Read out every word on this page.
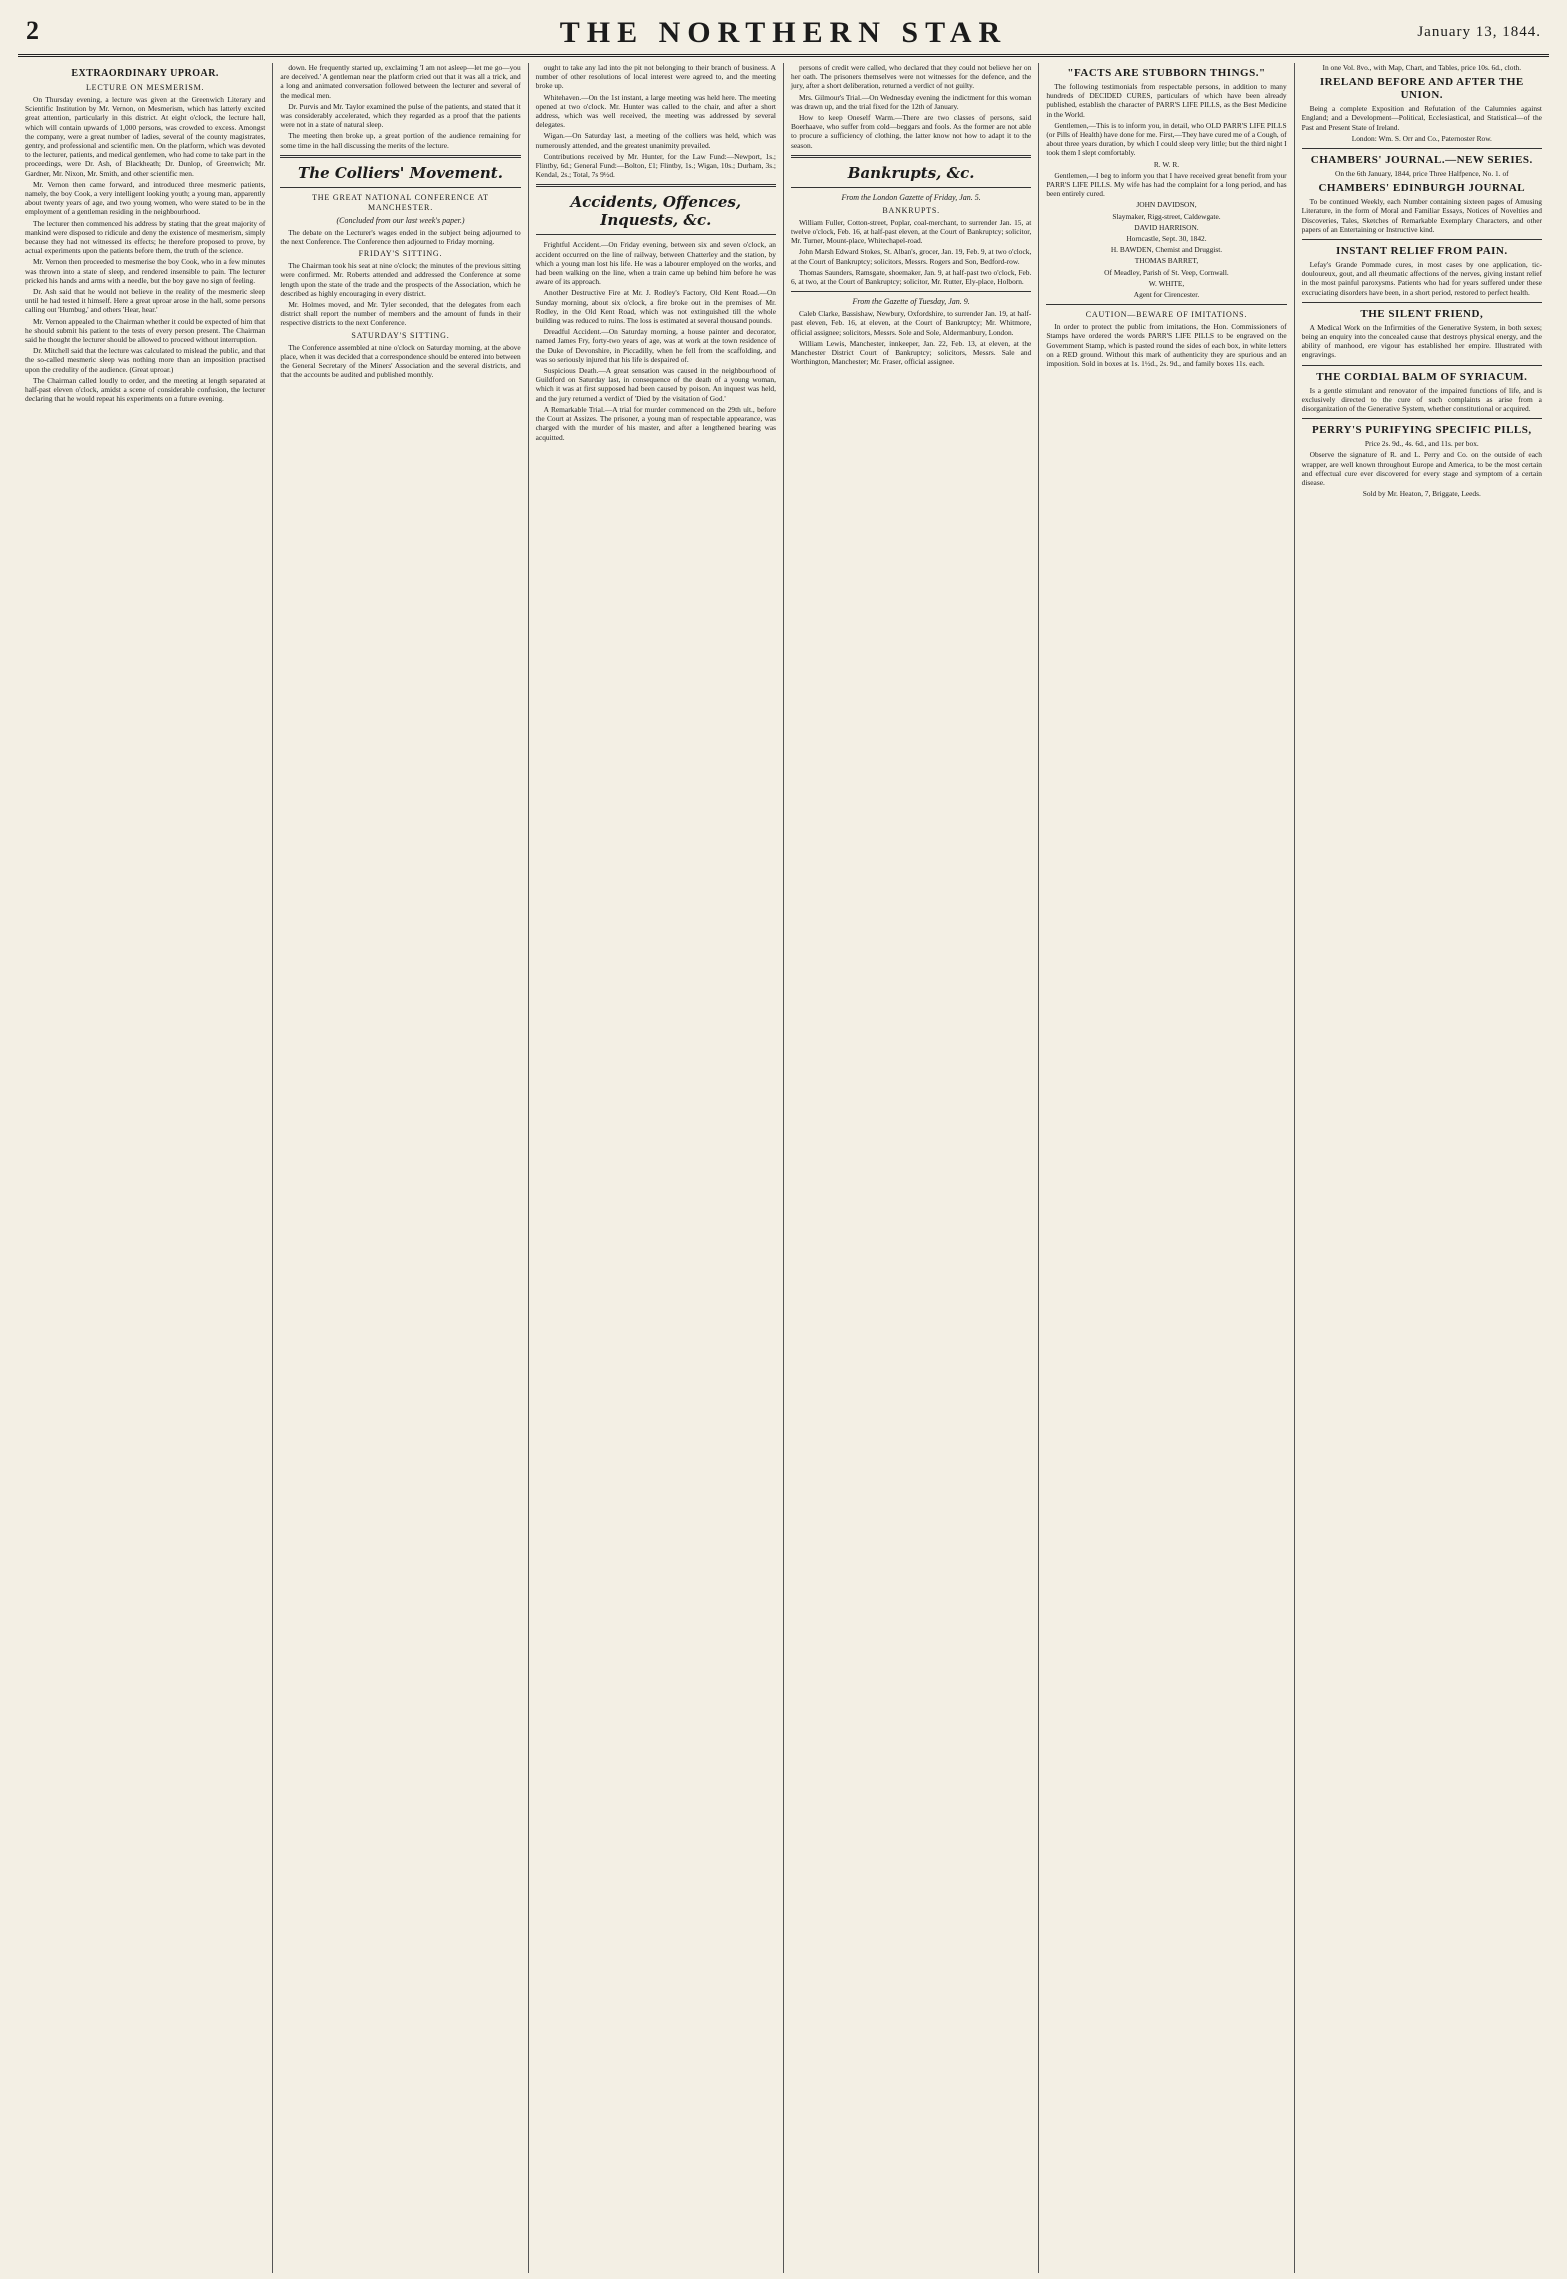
2	THE NORTHERN STAR	January 13, 1844.
EXTRAORDINARY UPROAR.
LECTURE ON MESMERISM.

On Thursday evening, a lecture was given at the Greenwich Literary and Scientific Institution by Mr. Vernon, on Mesmerism, which has latterly excited great attention, particularly in this district. At eight o'clock, the lecture hall, which will contain upwards of 1,000 persons, was crowded to excess. Amongst the company, were a great number of ladies, several of the county magistrates, gentry, and professional and scientific men. On the platform, which was devoted to the lecturer, patients, and medical gentlemen, who had come to take part in the proceedings, were Dr. Ash, of Blackheath; Dr. Dunlop, of Greenwich; Mr. Gardner, Mr. Nixon, Mr. Smith, and other scientific men.

Mr. Vernon then came forward, and introduced three mesmeric patients, namely, the boy Cook, a very intelligent looking youth; a young man, apparently about twenty years of age, and two young women, who were stated to be in the employment of a gentleman residing in the neighbourhood.

The lecturer then commenced his address by stating that the great majority of mankind were disposed to ridicule and deny the existence of mesmerism, simply because they had not witnessed its effects; he therefore proposed to prove, by actual experiments upon the patients before them, the truth of the science.

Mr. Vernon then proceeded to mesmerise the boy Cook, who in a few minutes was thrown into a state of sleep, and rendered insensible to pain. The lecturer pricked his hands and arms with a needle, but the boy gave no sign of feeling.

Dr. Ash said that he would not believe in the reality of the mesmeric sleep until he had tested it himself. Here a great uproar arose in the hall, some persons calling out 'Humbug,' and others 'Hear, hear.'

Mr. Vernon appealed to the Chairman whether it could be expected of him that he should submit his patient to the tests of every person present. The Chairman said he thought the lecturer should be allowed to proceed without interruption.

Dr. Mitchell said that the lecture was calculated to mislead the public, and that the so-called mesmeric sleep was nothing more than an imposition practised upon the credulity of the audience. (Great uproar.)

The Chairman called loudly to order, and the meeting at length separated at half-past eleven o'clock, amidst a scene of considerable confusion, the lecturer declaring that he would repeat his experiments on a future evening.

down. He frequently started up, exclaiming 'I am not asleep—let me go—you are deceived.' A gentleman near the platform cried out that it was all a trick, and a long and animated conversation followed between the lecturer and several of the medical men.

Dr. Purvis and Mr. Taylor examined the pulse of the patients, and stated that it was considerably accelerated, which they regarded as a proof that the patients were not in a state of natural sleep.

The meeting then broke up, a great portion of the audience remaining for some time in the hall discussing the merits of the lecture.

The Colliers' Movement.
THE GREAT NATIONAL CONFERENCE AT MANCHESTER.
(Concluded from our last week's paper.)

The debate on the Lecturer's wages ended in the subject being adjourned to the next Conference. The Conference then adjourned to Friday morning.

FRIDAY'S SITTING.

The Chairman took his seat at nine o'clock; the minutes of the previous sitting were confirmed. Mr. Roberts attended and addressed the Conference at some length upon the state of the trade and the prospects of the Association, which he described as highly encouraging in every district.

Mr. Holmes moved, and Mr. Tyler seconded, that the delegates from each district shall report the number of members and the amount of funds in their respective districts to the next Conference.

SATURDAY'S SITTING.

The Conference assembled at nine o'clock on Saturday morning, at the above place, when it was decided that a correspondence should be entered into between the General Secretary of the Miners' Association and the several districts, and that the accounts be audited and published monthly.

ought to take any lad into the pit not belonging to their branch of business. A number of other resolutions of local interest were agreed to, and the meeting broke up.

Whitehaven.—On the 1st instant, a large meeting was held here. The meeting opened at two o'clock. Mr. Hunter was called to the chair, and after a short address, which was well received, the meeting was addressed by several delegates.

Wigan.—On Saturday last, a meeting of the colliers was held, which was numerously attended, and the greatest unanimity prevailed.

Contributions received by Mr. Hunter, for the Law Fund:—Newport, 1s.; Flintby, 6d.; General Fund:—Bolton, £1; Flintby, 1s.; Wigan, 10s.; Durham, 3s.; Kendal, 2s.; Total, 7s 9½d.

Accidents, Offences, Inquests, &c.

Frightful Accident.—On Friday evening, between six and seven o'clock, an accident occurred on the line of railway, between Chatterley and the station, by which a young man lost his life. He was a labourer employed on the works, and had been walking on the line, when a train came up behind him before he was aware of its approach.

Another Destructive Fire at Mr. J. Rodley's Factory, Old Kent Road.—On Sunday morning, about six o'clock, a fire broke out in the premises of Mr. Rodley, in the Old Kent Road, which was not extinguished till the whole building was reduced to ruins. The loss is estimated at several thousand pounds.

Dreadful Accident.—On Saturday morning, a house painter and decorator, named James Fry, forty-two years of age, was at work at the town residence of the Duke of Devonshire, in Piccadilly, when he fell from the scaffolding, and was so seriously injured that his life is despaired of.

Suspicious Death.—A great sensation was caused in the neighbourhood of Guildford on Saturday last, in consequence of the death of a young woman, which it was at first supposed had been caused by poison. An inquest was held, and the jury returned a verdict of 'Died by the visitation of God.'

A Remarkable Trial.—A trial for murder commenced on the 29th ult., before the Court at Assizes. The prisoner, a young man of respectable appearance, was charged with the murder of his master, and after a lengthened hearing was acquitted.

persons of credit were called, who declared that they could not believe her on her oath. The prisoners themselves were not witnesses for the defence, and the jury, after a short deliberation, returned a verdict of not guilty.

Mrs. Gilmour's Trial.—On Wednesday evening the indictment for this woman was drawn up, and the trial fixed for the 12th of January.

How to keep Oneself Warm.—There are two classes of persons, said Boerhaave, who suffer from cold—beggars and fools. As the former are not able to procure a sufficiency of clothing, the latter know not how to adapt it to the season.

Bankrupts, &c.
From the London Gazette of Friday, Jan. 5.
BANKRUPTS.

William Fuller, Cotton-street, Poplar, coal-merchant, to surrender Jan. 15, at twelve o'clock, Feb. 16, at half-past eleven, at the Court of Bankruptcy; solicitor, Mr. Turner, Mount-place, Whitechapel-road.

John Marsh Edward Stokes, St. Alban's, grocer, Jan. 19, Feb. 9, at two o'clock, at the Court of Bankruptcy; solicitors, Messrs. Rogers and Son, Bedford-row.

Thomas Saunders, Ramsgate, shoemaker, Jan. 9, at half-past two o'clock, Feb. 6, at two, at the Court of Bankruptcy; solicitor, Mr. Rutter, Ely-place, Holborn.

From the Gazette of Tuesday, Jan. 9.

Caleb Clarke, Bassishaw, Newbury, Oxfordshire, to surrender Jan. 19, at half-past eleven, Feb. 16, at eleven, at the Court of Bankruptcy; Mr. Whitmore, official assignee; solicitors, Messrs. Sole and Sole, Aldermanbury, London.

William Lewis, Manchester, innkeeper, Jan. 22, Feb. 13, at eleven, at the Manchester District Court of Bankruptcy; solicitors, Messrs. Sale and Worthington, Manchester; Mr. Fraser, official assignee.

"FACTS ARE STUBBORN THINGS."

The following testimonials from respectable persons, in addition to many hundreds of DECIDED CURES, particulars of which have been already published, establish the character of PARR'S LIFE PILLS, as the Best Medicine in the World.

Gentlemen,—This is to inform you, in detail, who OLD PARR'S LIFE PILLS (or Pills of Health) have done for me. First,—They have cured me of a Cough, of about three years duration, by which I could sleep very little; but the third night I took them I slept comfortably.

R. W. R.

Gentlemen,—I beg to inform you that I have received great benefit from your PARR'S LIFE PILLS. My wife has had the complaint for a long period, and has been entirely cured.

JOHN DAVIDSON,

Slaymaker, Rigg-street, Caldewgate.

DAVID HARRISON.

Horncastle, Sept. 30, 1842.

H. BAWDEN, Chemist and Druggist.

THOMAS BARRET,

Of Meadley, Parish of St. Veep, Cornwall.

W. WHITE,

Agent for Cirencester.

CAUTION—BEWARE OF IMITATIONS.

In order to protect the public from imitations, the Hon. Commissioners of Stamps have ordered the words PARR'S LIFE PILLS to be engraved on the Government Stamp, which is pasted round the sides of each box, in white letters on a RED ground. Without this mark of authenticity they are spurious and an imposition. Sold in boxes at 1s. 1½d., 2s. 9d., and family boxes 11s. each.

In one Vol. 8vo., with Map, Chart, and Tables, price 10s. 6d., cloth.

IRELAND BEFORE AND AFTER THE UNION.

Being a complete Exposition and Refutation of the Calumnies against England; and a Development—Political, Ecclesiastical, and Statistical—of the Past and Present State of Ireland.

London: Wm. S. Orr and Co., Paternoster Row.

CHAMBERS' JOURNAL.—NEW SERIES.

On the 6th January, 1844, price Three Halfpence, No. 1. of

CHAMBERS' EDINBURGH JOURNAL

To be continued Weekly, each Number containing sixteen pages of Amusing Literature, in the form of Moral and Familiar Essays, Notices of Novelties and Discoveries, Tales, Sketches of Remarkable Exemplary Characters, and other papers of an Entertaining or Instructive kind.

INSTANT RELIEF FROM PAIN.

Lefay's Grande Pommade cures, in most cases by one application, tic-douloureux, gout, and all rheumatic affections of the nerves, giving instant relief in the most painful paroxysms. Patients who had for years suffered under these excruciating disorders have been, in a short period, restored to perfect health.

THE SILENT FRIEND,

A Medical Work on the Infirmities of the Generative System, in both sexes; being an enquiry into the concealed cause that destroys physical energy, and the ability of manhood, ere vigour has established her empire. Illustrated with engravings.

THE CORDIAL BALM OF SYRIACUM.

Is a gentle stimulant and renovator of the impaired functions of life, and is exclusively directed to the cure of such complaints as arise from a disorganization of the Generative System, whether constitutional or acquired.

PERRY'S PURIFYING SPECIFIC PILLS,

Price 2s. 9d., 4s. 6d., and 11s. per box.

Observe the signature of R. and L. Perry and Co. on the outside of each wrapper, are well known throughout Europe and America, to be the most certain and effectual cure ever discovered for every stage and symptom of a certain disease.

Sold by Mr. Heaton, 7, Briggate, Leeds.
